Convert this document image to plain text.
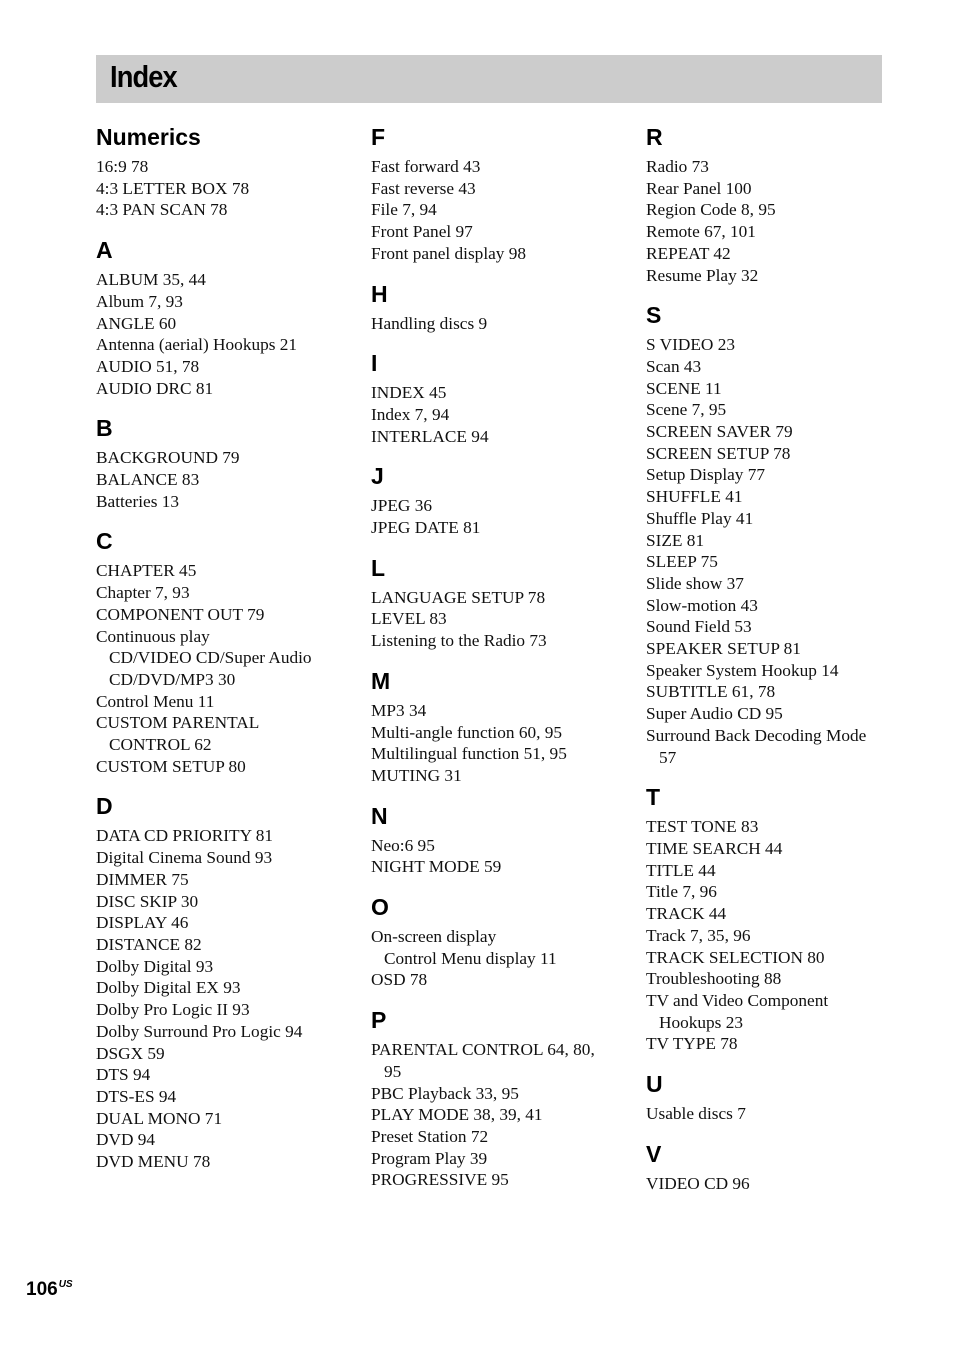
Index
Numerics
16:9 78
4:3 LETTER BOX 78
4:3 PAN SCAN 78
A
ALBUM 35, 44
Album 7, 93
ANGLE 60
Antenna (aerial) Hookups 21
AUDIO 51, 78
AUDIO DRC 81
B
BACKGROUND 79
BALANCE 83
Batteries 13
C
CHAPTER 45
Chapter 7, 93
COMPONENT OUT 79
Continuous play
CD/VIDEO CD/Super Audio
CD/DVD/MP3 30
Control Menu 11
CUSTOM PARENTAL
CONTROL 62
CUSTOM SETUP 80
D
DATA CD PRIORITY 81
Digital Cinema Sound 93
DIMMER 75
DISC SKIP 30
DISPLAY 46
DISTANCE 82
Dolby Digital 93
Dolby Digital EX 93
Dolby Pro Logic II 93
Dolby Surround Pro Logic 94
DSGX 59
DTS 94
DTS-ES 94
DUAL MONO 71
DVD 94
DVD MENU 78
F
Fast forward 43
Fast reverse 43
File 7, 94
Front Panel 97
Front panel display 98
H
Handling discs 9
I
INDEX 45
Index 7, 94
INTERLACE 94
J
JPEG 36
JPEG DATE 81
L
LANGUAGE SETUP 78
LEVEL 83
Listening to the Radio 73
M
MP3 34
Multi-angle function 60, 95
Multilingual function 51, 95
MUTING 31
N
Neo:6 95
NIGHT MODE 59
O
On-screen display
Control Menu display 11
OSD 78
P
PARENTAL CONTROL 64, 80,
95
PBC Playback 33, 95
PLAY MODE 38, 39, 41
Preset Station 72
Program Play 39
PROGRESSIVE 95
R
Radio 73
Rear Panel 100
Region Code 8, 95
Remote 67, 101
REPEAT 42
Resume Play 32
S
S VIDEO 23
Scan 43
SCENE 11
Scene 7, 95
SCREEN SAVER 79
SCREEN SETUP 78
Setup Display 77
SHUFFLE 41
Shuffle Play 41
SIZE 81
SLEEP 75
Slide show 37
Slow-motion 43
Sound Field 53
SPEAKER SETUP 81
Speaker System Hookup 14
SUBTITLE 61, 78
Super Audio CD 95
Surround Back Decoding Mode
57
T
TEST TONE 83
TIME SEARCH 44
TITLE 44
Title 7, 96
TRACK 44
Track 7, 35, 96
TRACK SELECTION 80
Troubleshooting 88
TV and Video Component
Hookups 23
TV TYPE 78
U
Usable discs 7
V
VIDEO CD 96
$106^{US}$
